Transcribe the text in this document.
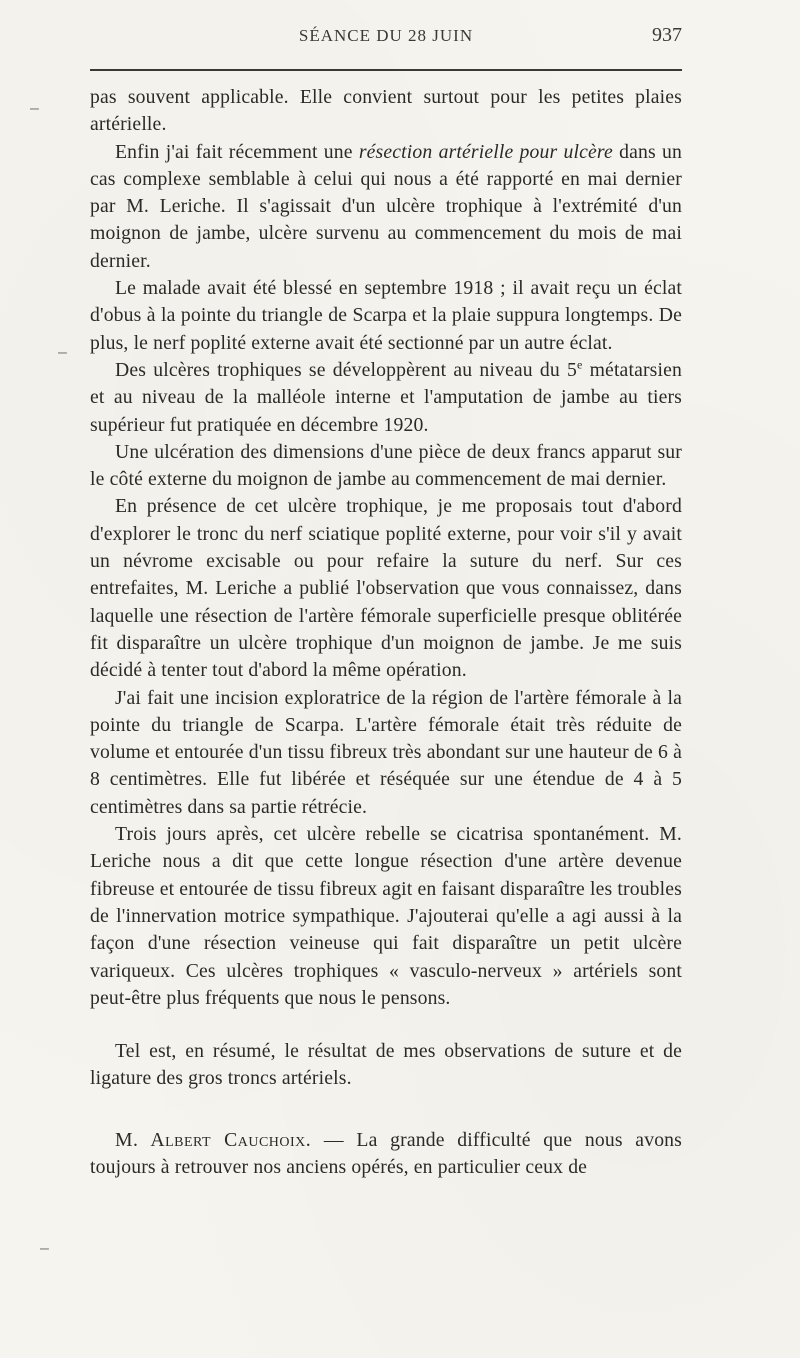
SÉANCE DU 28 JUIN	937
–
–
–

pas souvent applicable. Elle convient surtout pour les petites plaies artérielle.

Enfin j'ai fait récemment une résection artérielle pour ulcère dans un cas complexe semblable à celui qui nous a été rapporté en mai dernier par M. Leriche. Il s'agissait d'un ulcère trophique à l'extrémité d'un moignon de jambe, ulcère survenu au commencement du mois de mai dernier.

Le malade avait été blessé en septembre 1918 ; il avait reçu un éclat d'obus à la pointe du triangle de Scarpa et la plaie suppura longtemps. De plus, le nerf poplité externe avait été sectionné par un autre éclat.

Des ulcères trophiques se développèrent au niveau du 5e métatarsien et au niveau de la malléole interne et l'amputation de jambe au tiers supérieur fut pratiquée en décembre 1920.

Une ulcération des dimensions d'une pièce de deux francs apparut sur le côté externe du moignon de jambe au commencement de mai dernier.

En présence de cet ulcère trophique, je me proposais tout d'abord d'explorer le tronc du nerf sciatique poplité externe, pour voir s'il y avait un névrome excisable ou pour refaire la suture du nerf. Sur ces entrefaites, M. Leriche a publié l'observation que vous connaissez, dans laquelle une résection de l'artère fémorale superficielle presque oblitérée fit disparaître un ulcère trophique d'un moignon de jambe. Je me suis décidé à tenter tout d'abord la même opération.

J'ai fait une incision exploratrice de la région de l'artère fémorale à la pointe du triangle de Scarpa. L'artère fémorale était très réduite de volume et entourée d'un tissu fibreux très abondant sur une hauteur de 6 à 8 centimètres. Elle fut libérée et réséquée sur une étendue de 4 à 5 centimètres dans sa partie rétrécie.

Trois jours après, cet ulcère rebelle se cicatrisa spontanément. M. Leriche nous a dit que cette longue résection d'une artère devenue fibreuse et entourée de tissu fibreux agit en faisant disparaître les troubles de l'innervation motrice sympathique. J'ajouterai qu'elle a agi aussi à la façon d'une résection veineuse qui fait disparaître un petit ulcère variqueux. Ces ulcères trophiques « vasculo-nerveux » artériels sont peut-être plus fréquents que nous le pensons.

Tel est, en résumé, le résultat de mes observations de suture et de ligature des gros troncs artériels.

M. Albert Cauchoix. — La grande difficulté que nous avons toujours à retrouver nos anciens opérés, en particulier ceux de
